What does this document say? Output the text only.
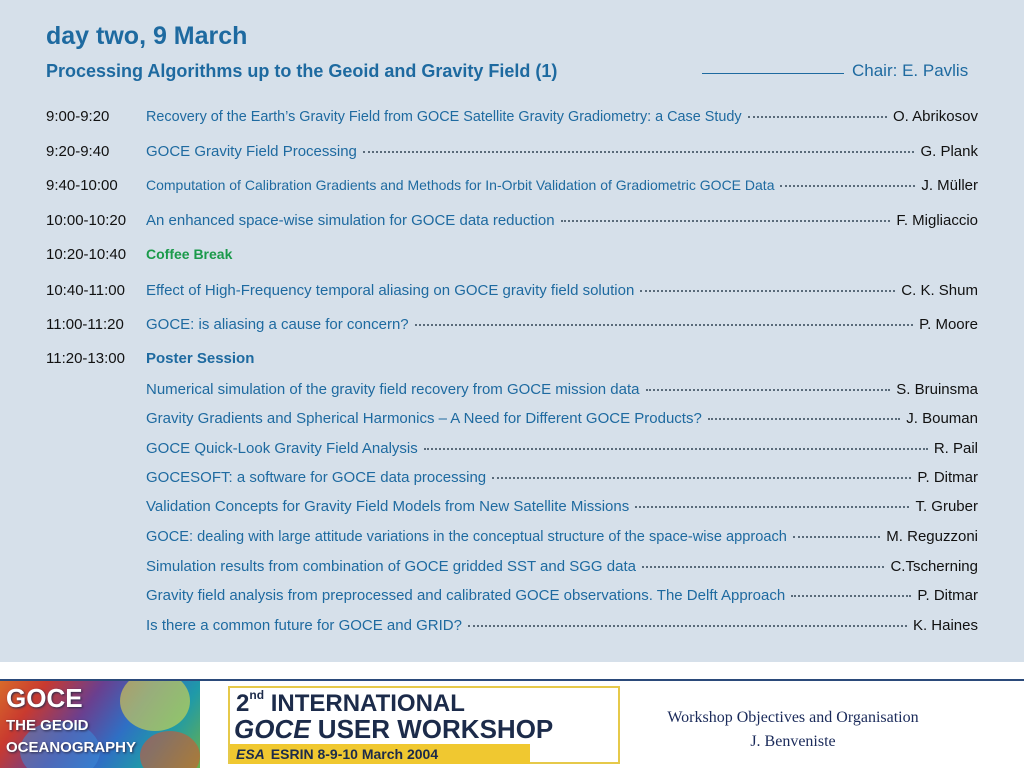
day two, 9 March
Processing Algorithms up to the Geoid and Gravity Field (1)	Chair: E. Pavlis
9:00-9:20	Recovery of the Earth’s Gravity Field from GOCE Satellite Gravity Gradiometry: a Case Study	O. Abrikosov
9:20-9:40 GOCE Gravity Field Processing	G. Plank
9:40-10:00 Computation of Calibration Gradients and Methods for In-Orbit Validation of Gradiometric GOCE Data	J. Müller
10:00-10:20 An enhanced space-wise simulation for GOCE data reduction	F. Migliaccio
10:20-10:40 Coffee Break
10:40-11:00 Effect of High-Frequency temporal aliasing on GOCE gravity field solution	C. K. Shum
11:00-11:20 GOCE: is aliasing a cause for concern?	P. Moore
11:20-13:00 Poster Session
Numerical simulation of the gravity field recovery from GOCE mission data	S. Bruinsma
Gravity Gradients and Spherical Harmonics – A Need for Different GOCE Products?	J. Bouman
GOCE Quick-Look Gravity Field Analysis	R. Pail
GOCESOFT: a software for GOCE data processing	P. Ditmar
Validation Concepts for Gravity Field Models from New Satellite Missions	T. Gruber
GOCE: dealing with large attitude variations in the conceptual structure of the space-wise approach	M. Reguzzoni
Simulation results from combination of GOCE gridded SST and SGG data	C.Tscherning
Gravity field analysis from preprocessed and calibrated GOCE observations. The Delft Approach	P. Ditmar
Is there a common future for GOCE and GRID?	K. Haines
GOCE
THE GEOID
OCEANOGRAPHY
2nd INTERNATIONAL
GOCE USER WORKSHOP
ESA ESRIN 8-9-10 March 2004
Workshop Objectives and Organisation
J. Benveniste
